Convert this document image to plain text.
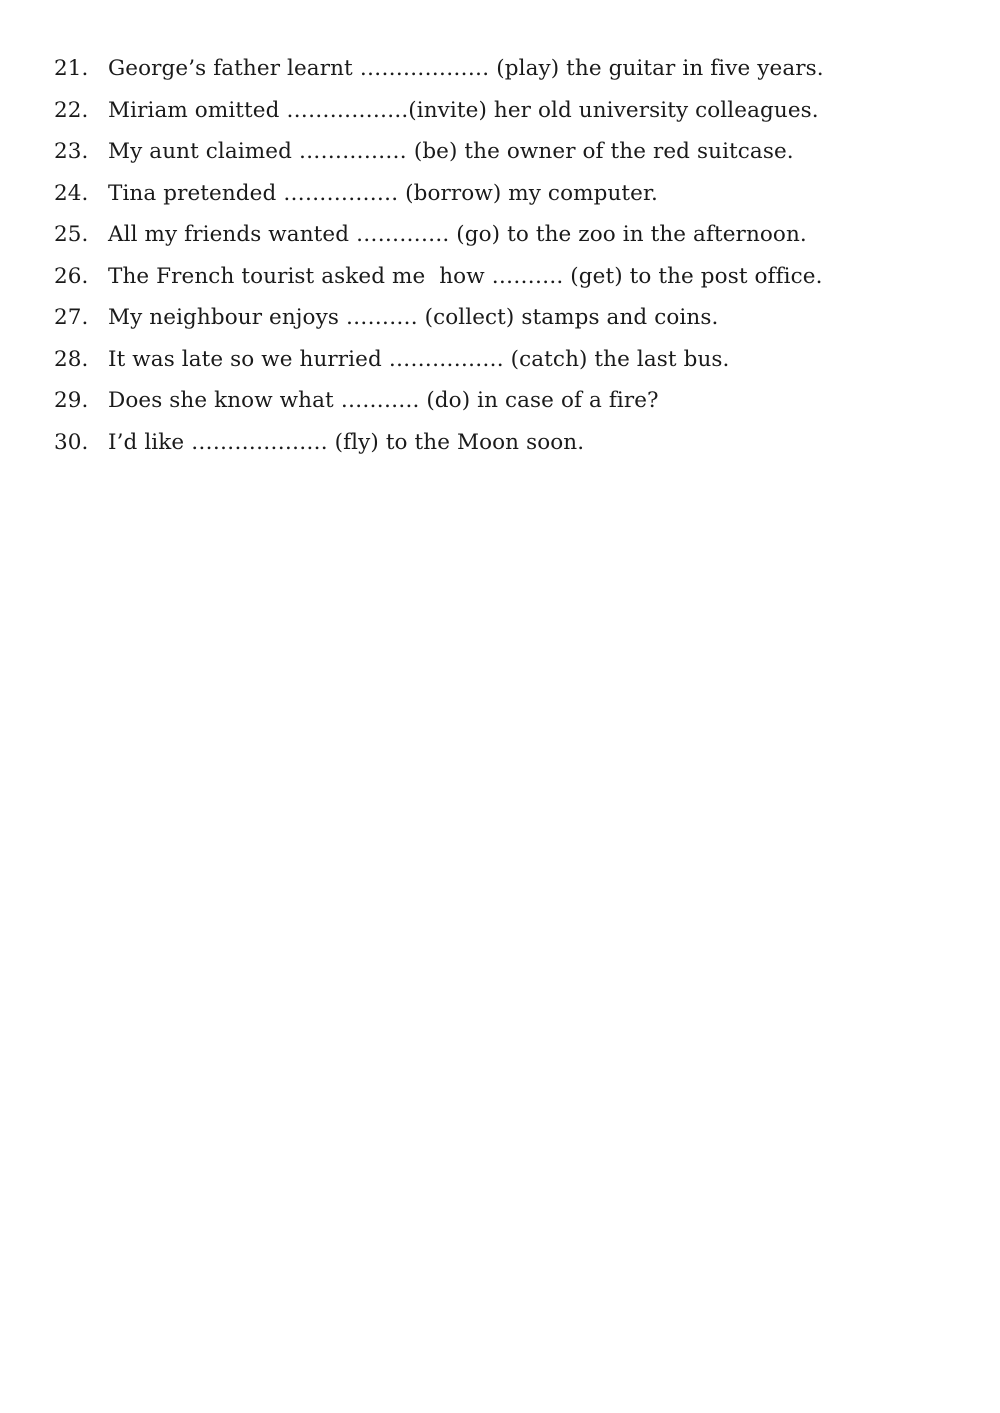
21. George’s father learnt ……………… (play) the guitar in five years.
22. Miriam omitted ……………..(invite) her old university colleagues.
23. My aunt claimed …………… (be) the owner of the red suitcase.
24. Tina pretended ……………. (borrow) my computer.
25. All my friends wanted …………. (go) to the zoo in the afternoon.
26. The French tourist asked me  how ………. (get) to the post office.
27. My neighbour enjoys ………. (collect) stamps and coins.
28. It was late so we hurried ……………. (catch) the last bus.
29. Does she know what ……….. (do) in case of a fire?
30. I’d like ………………. (fly) to the Moon soon.
